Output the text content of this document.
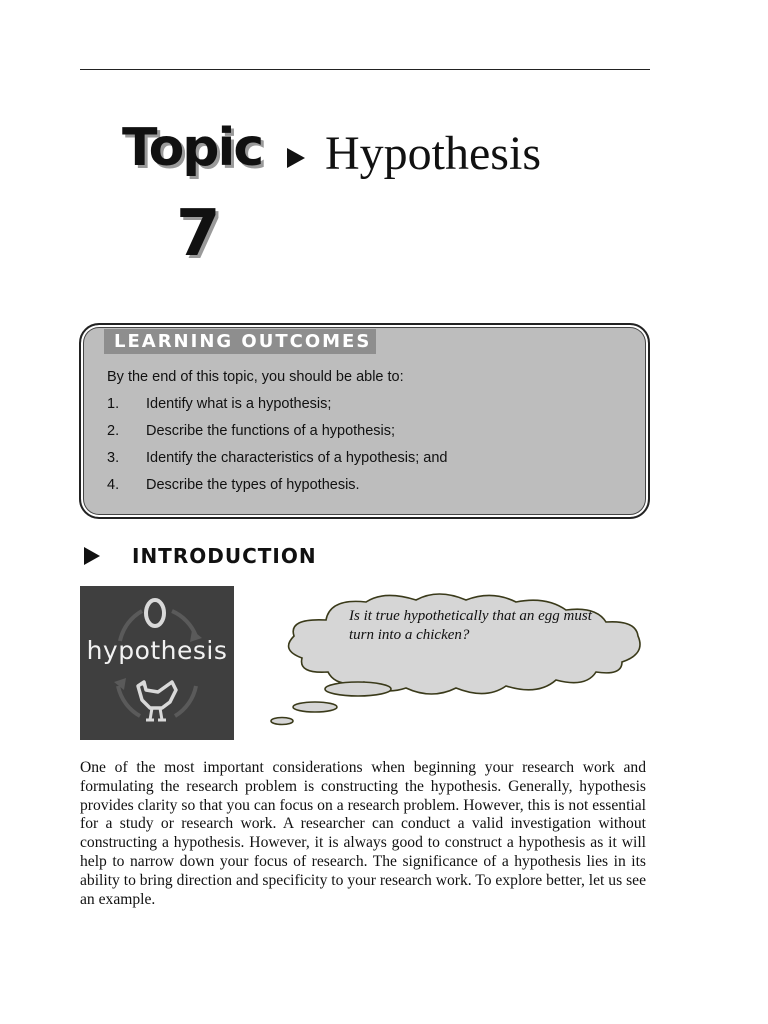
Topic
7
Hypothesis
LEARNING OUTCOMES
By the end of this topic, you should be able to:
1. Identify what is a hypothesis;
2. Describe the functions of a hypothesis;
3. Identify the characteristics of a hypothesis; and
4. Describe the types of hypothesis.
INTRODUCTION
hypothesis
Is it true hypothetically that an egg must turn into a chicken?

One of the most important considerations when beginning your research work and formulating the research problem is constructing the hypothesis. Generally, hypothesis provides clarity so that you can focus on a research problem. However, this is not essential for a study or research work. A researcher can conduct a valid investigation without constructing a hypothesis. However, it is always good to construct a hypothesis as it will help to narrow down your focus of research. The significance of a hypothesis lies in its ability to bring direction and specificity to your research work. To explore better, let us see an example.
